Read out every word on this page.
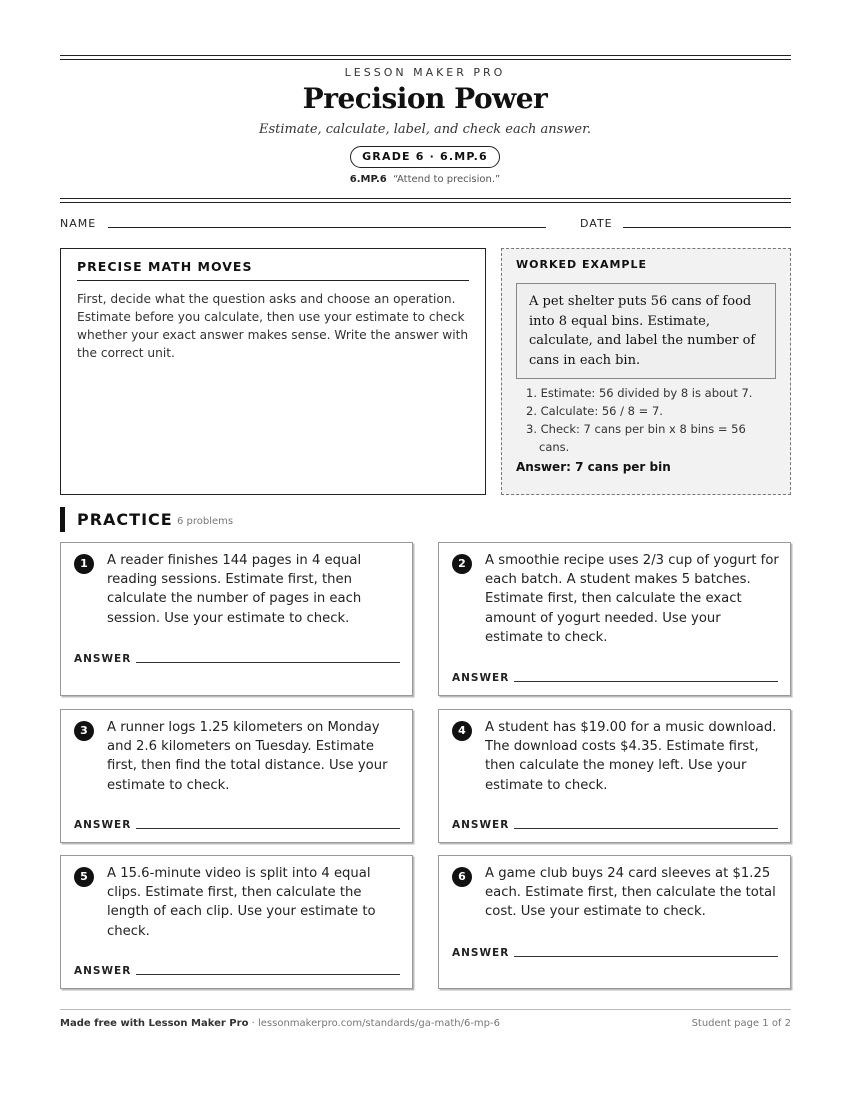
LESSON MAKER PRO
Precision Power
Estimate, calculate, label, and check each answer.
GRADE 6 · 6.MP.6
6.MP.6 “Attend to precision.”
NAME	DATE
PRECISE MATH MOVES
First, decide what the question asks and choose an operation. Estimate before you calculate, then use your estimate to check whether your exact answer makes sense. Write the answer with the correct unit.
WORKED EXAMPLE
A pet shelter puts 56 cans of food into 8 equal bins. Estimate, calculate, and label the number of cans in each bin.
1. Estimate: 56 divided by 8 is about 7.
2. Calculate: 56 / 8 = 7.
3. Check: 7 cans per bin x 8 bins = 56 cans.
Answer: 7 cans per bin
PRACTICE 6 problems
1	A reader finishes 144 pages in 4 equal reading sessions. Estimate first, then calculate the number of pages in each session. Use your estimate to check.
ANSWER
2	A smoothie recipe uses 2/3 cup of yogurt for each batch. A student makes 5 batches. Estimate first, then calculate the exact amount of yogurt needed. Use your estimate to check.
ANSWER
3	A runner logs 1.25 kilometers on Monday and 2.6 kilometers on Tuesday. Estimate first, then find the total distance. Use your estimate to check.
ANSWER
4	A student has $19.00 for a music download. The download costs $4.35. Estimate first, then calculate the money left. Use your estimate to check.
ANSWER
5	A 15.6-minute video is split into 4 equal clips. Estimate first, then calculate the length of each clip. Use your estimate to check.
ANSWER
6	A game club buys 24 card sleeves at $1.25 each. Estimate first, then calculate the total cost. Use your estimate to check.
ANSWER
Made free with Lesson Maker Pro · lessonmakerpro.com/standards/ga-math/6-mp-6	Student page 1 of 2
